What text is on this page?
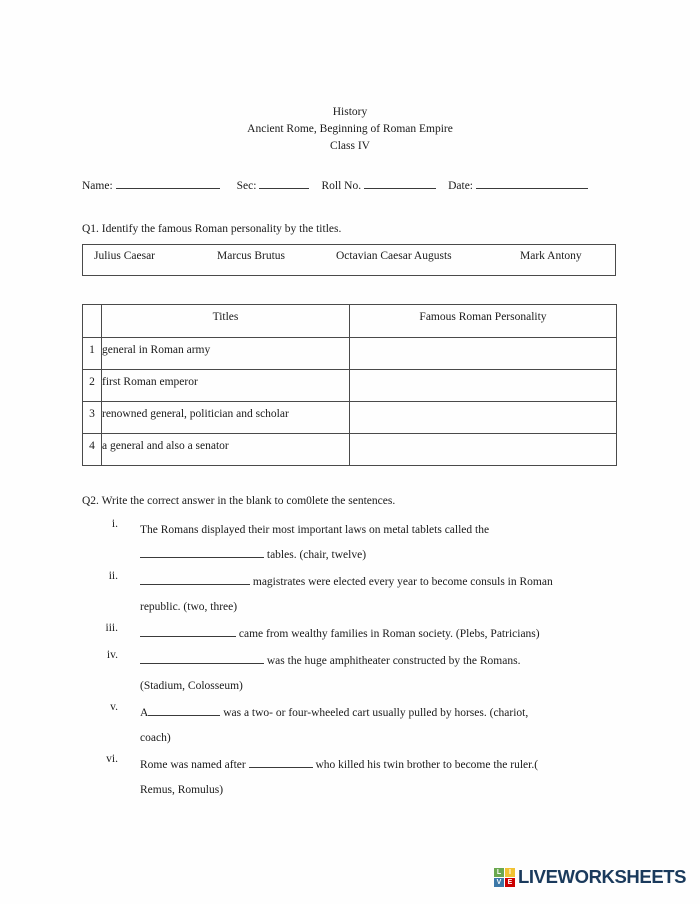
History
Ancient Rome, Beginning of Roman Empire
Class IV
Name:	Sec:	Roll No.	Date:
Q1. Identify the famous Roman personality by the titles.
Julius Caesar	Marcus Brutus	Octavian Caesar Augusts	Mark Antony
	Titles	Famous Roman Personality
1	general in Roman army	
2	first Roman emperor	
3	renowned general, politician and scholar	
4	a general and also a senator	
Q2. Write the correct answer in the blank to com0lete the sentences.
i. The Romans displayed their most important laws on metal tablets called the
tables. (chair, twelve)
ii.	magistrates were elected every year to become consuls in Roman
republic. (two, three)
iii.	came from wealthy families in Roman society. (Plebs, Patricians)
iv.	was the huge amphitheater constructed by the Romans.
(Stadium, Colosseum)
v. A	was a two- or four-wheeled cart usually pulled by horses. (chariot,
coach)
vi. Rome was named after	who killed his twin brother to become the ruler.(
Remus, Romulus)
L	I
V E LIVEWORKSHEETS
